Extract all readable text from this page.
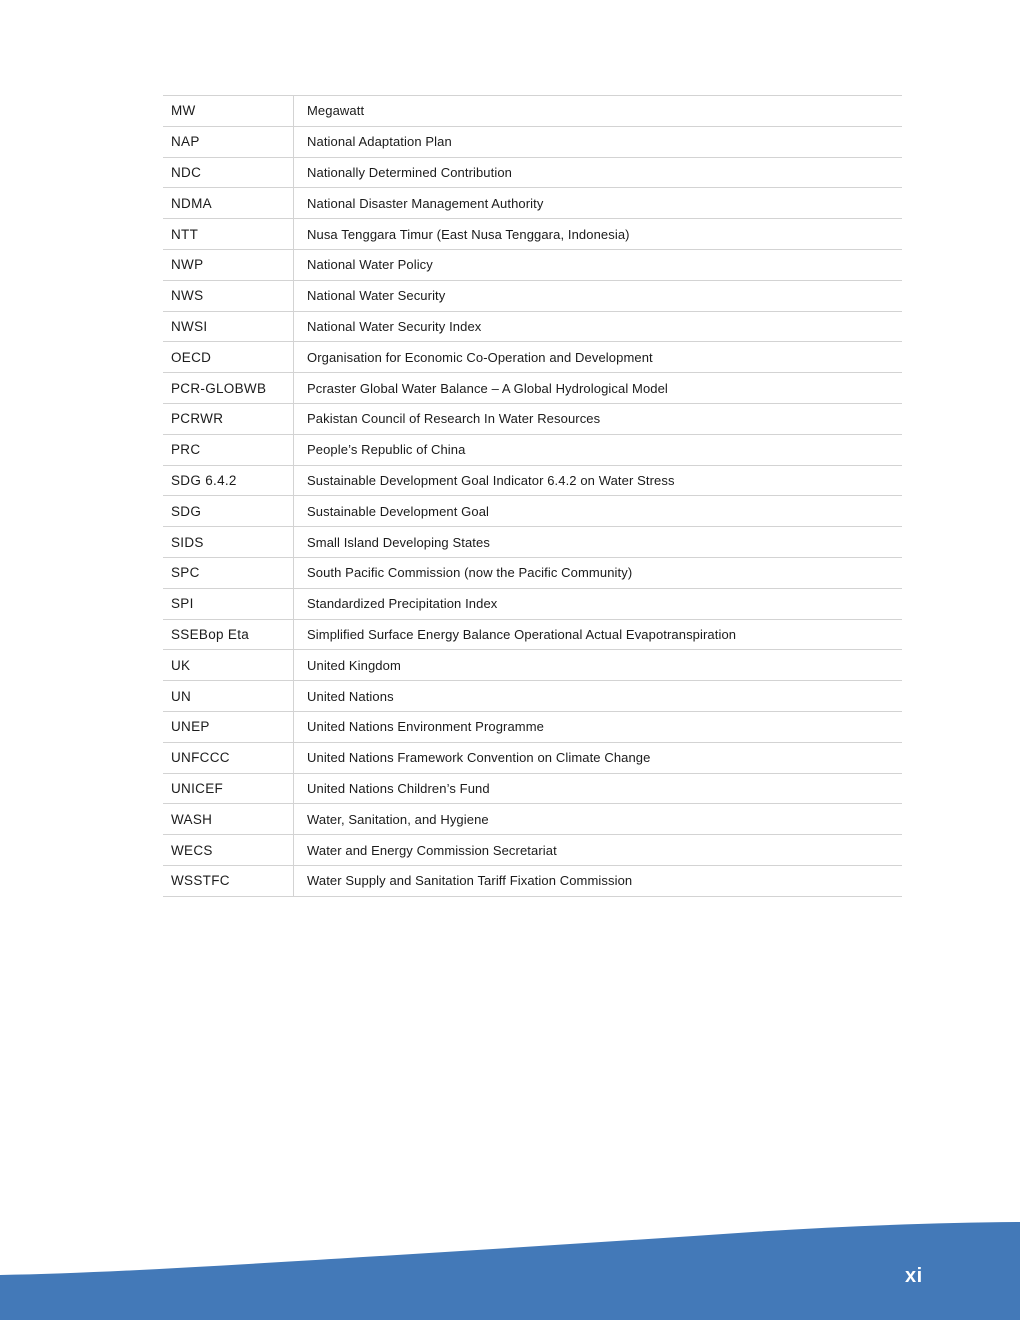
MW	Megawatt
NAP	National Adaptation Plan
NDC	Nationally Determined Contribution
NDMA	National Disaster Management Authority
NTT	Nusa Tenggara Timur (East Nusa Tenggara, Indonesia)
NWP	National Water Policy
NWS	National Water Security
NWSI	National Water Security Index
OECD	Organisation for Economic Co-Operation and Development
PCR-GLOBWB	Pcraster Global Water Balance – A Global Hydrological Model
PCRWR	Pakistan Council of Research In Water Resources
PRC	People’s Republic of China
SDG 6.4.2	Sustainable Development Goal Indicator 6.4.2 on Water Stress
SDG	Sustainable Development Goal
SIDS	Small Island Developing States
SPC	South Pacific Commission (now the Pacific Community)
SPI	Standardized Precipitation Index
SSEBop Eta	Simplified Surface Energy Balance Operational Actual Evapotranspiration
UK	United Kingdom
UN	United Nations
UNEP	United Nations Environment Programme
UNFCCC	United Nations Framework Convention on Climate Change
UNICEF	United Nations Children’s Fund
WASH	Water, Sanitation, and Hygiene
WECS	Water and Energy Commission Secretariat
WSSTFC	Water Supply and Sanitation Tariff Fixation Commission
xi
